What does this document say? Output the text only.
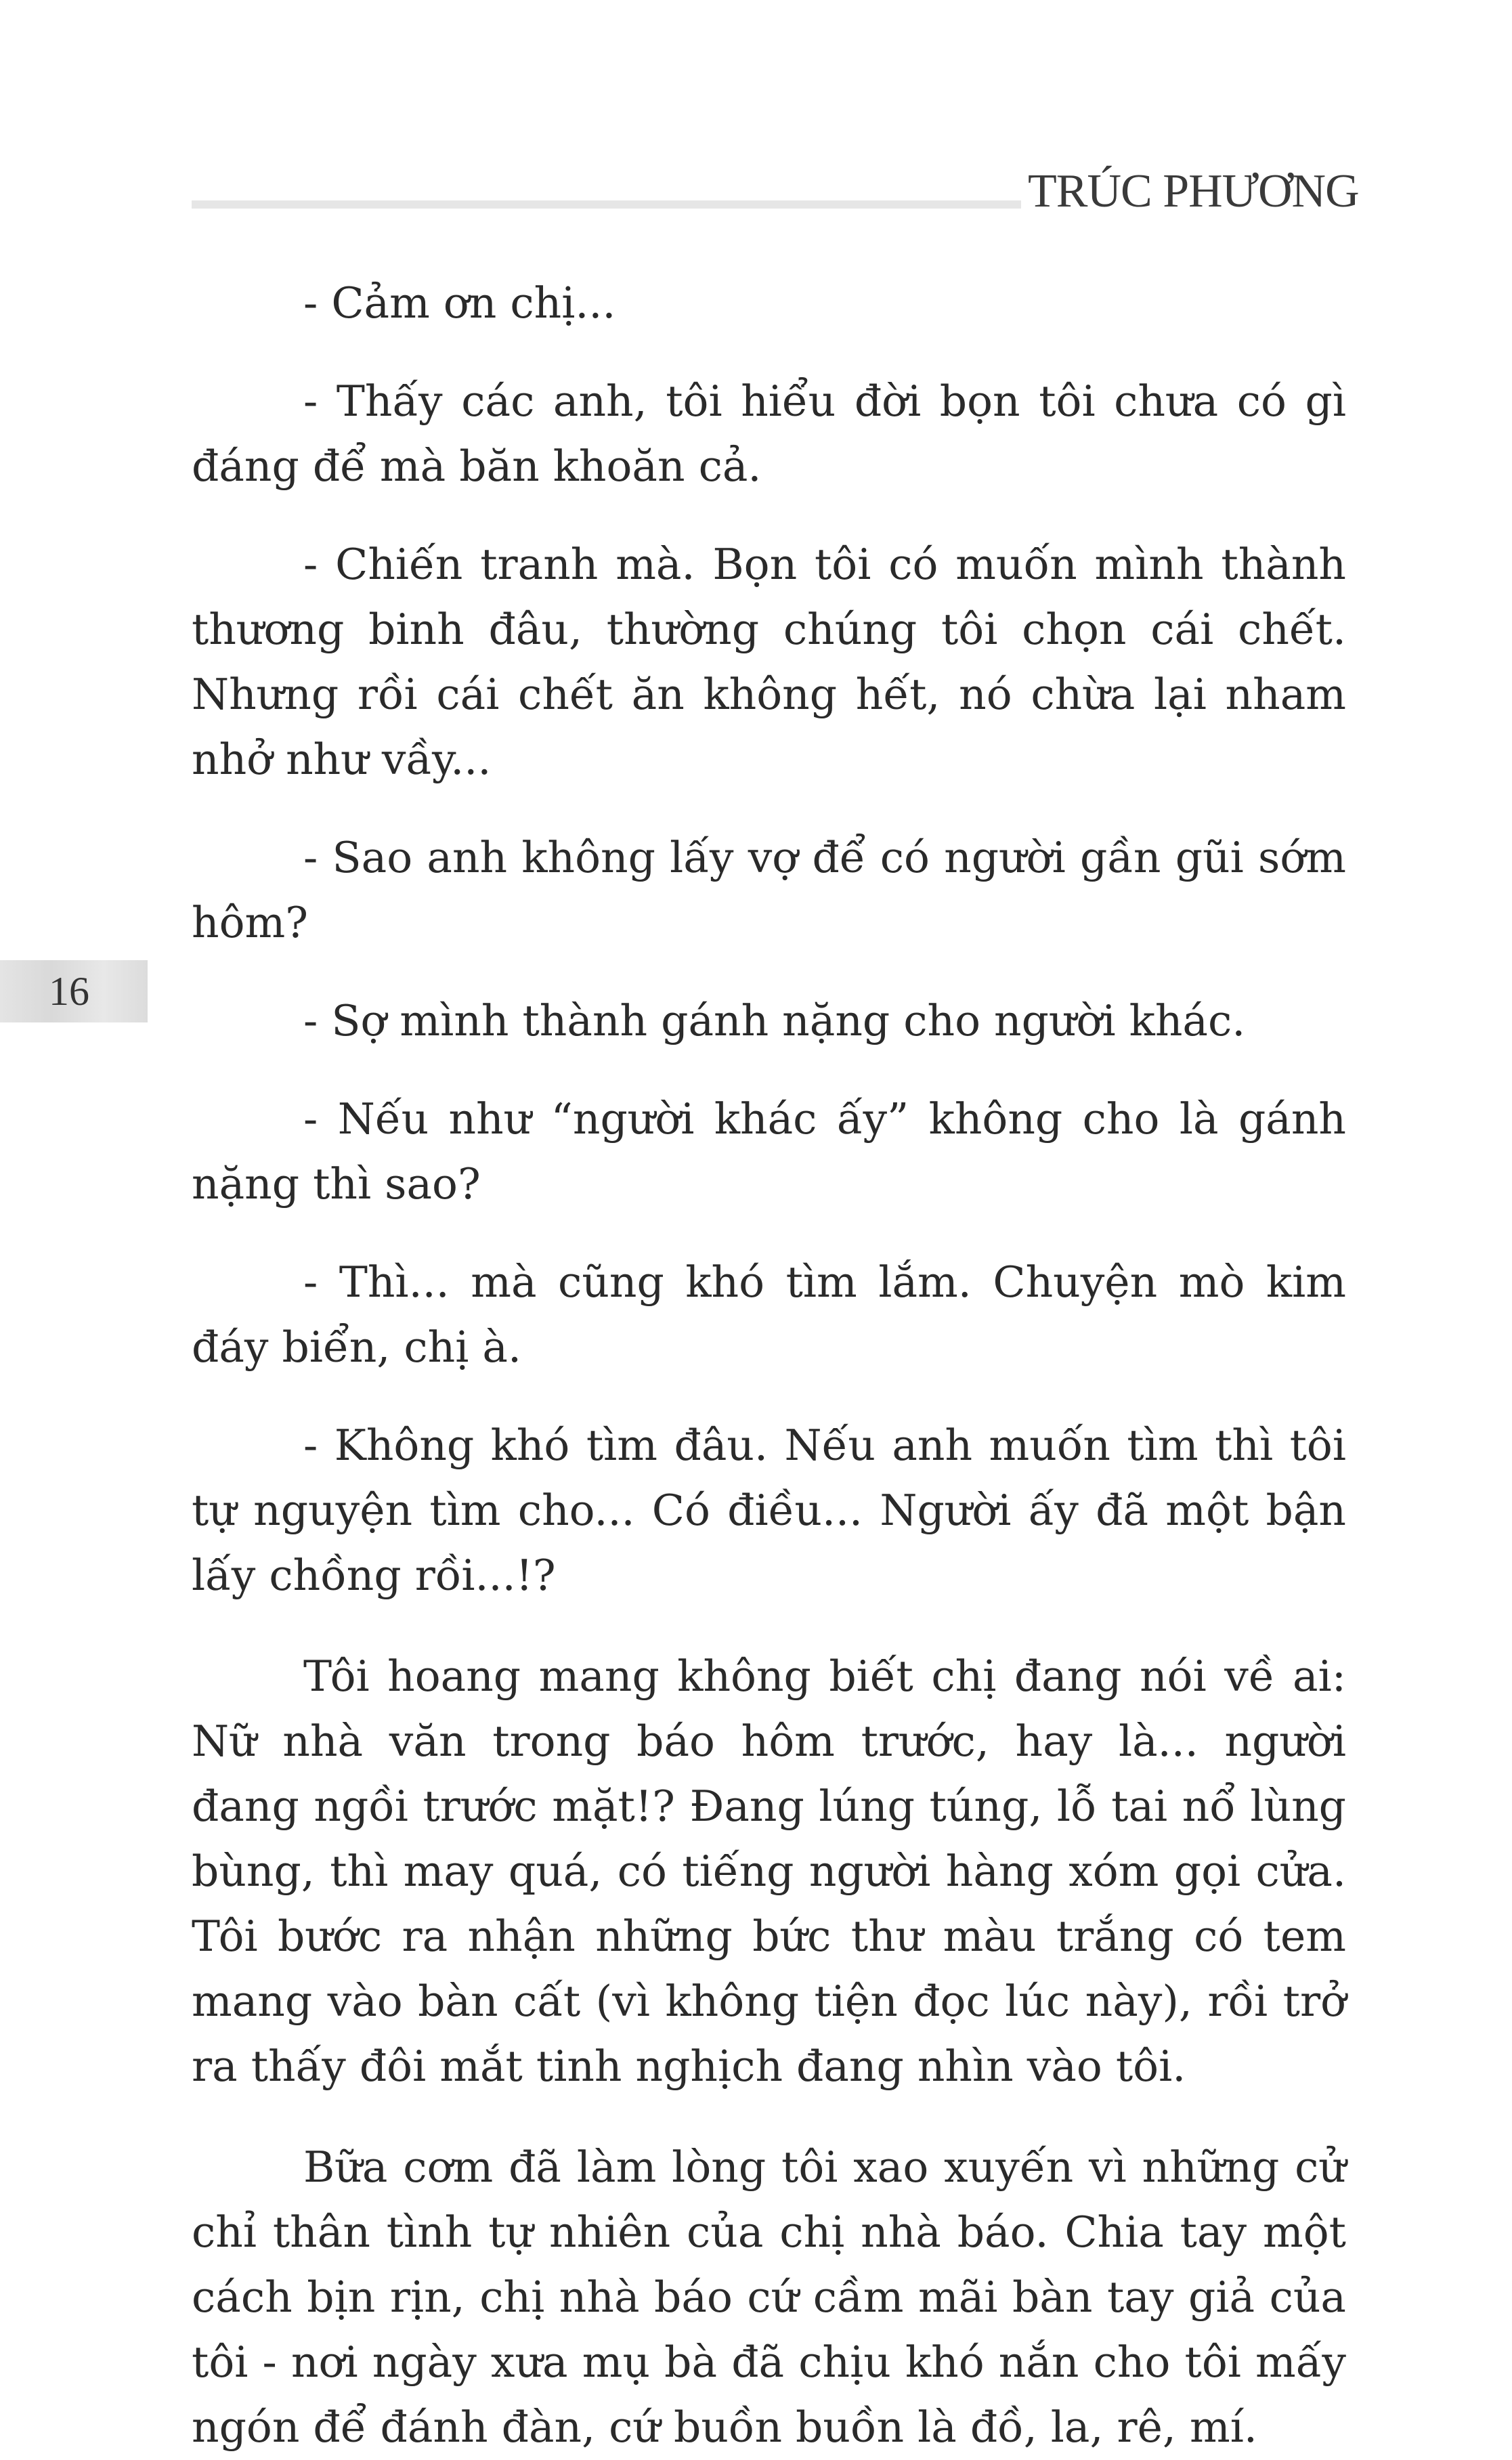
TRÚC PHƯƠNG
16

- Cảm ơn chị...

- Thấy các anh, tôi hiểu đời bọn tôi chưa có gì đáng để mà băn khoăn cả.

- Chiến tranh mà. Bọn tôi có muốn mình thành thương binh đâu, thường chúng tôi chọn cái chết. Nhưng rồi cái chết ăn không hết, nó chừa lại nham nhở như vầy...

- Sao anh không lấy vợ để có người gần gũi sớm hôm?

- Sợ mình thành gánh nặng cho người khác.

- Nếu như “người khác ấy” không cho là gánh nặng thì sao?

- Thì... mà cũng khó tìm lắm. Chuyện mò kim đáy biển, chị à.

- Không khó tìm đâu. Nếu anh muốn tìm thì tôi tự nguyện tìm cho... Có điều... Người ấy đã một bận lấy chồng rồi...!?

Tôi hoang mang không biết chị đang nói về ai: Nữ nhà văn trong báo hôm trước, hay là... người đang ngồi trước mặt!? Đang lúng túng, lỗ tai nổ lùng bùng, thì may quá, có tiếng người hàng xóm gọi cửa. Tôi bước ra nhận những bức thư màu trắng có tem mang vào bàn cất (vì không tiện đọc lúc này), rồi trở ra thấy đôi mắt tinh nghịch đang nhìn vào tôi.

Bữa cơm đã làm lòng tôi xao xuyến vì những cử chỉ thân tình tự nhiên của chị nhà báo. Chia tay một cách bịn rịn, chị nhà báo cứ cầm mãi bàn tay giả của tôi - nơi ngày xưa mụ bà đã chịu khó nắn cho tôi mấy ngón để đánh đàn, cứ buồn buồn là đồ, la, rê, mí.
